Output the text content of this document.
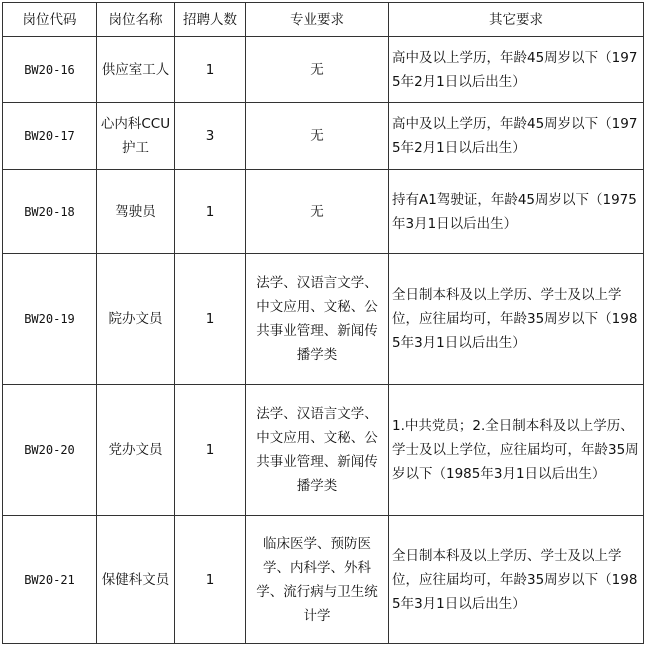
岗位代码	岗位名称	招聘人数	专业要求	其它要求
BW20-16	供应室工人	1	无	高中及以上学历，年龄45周岁以下（1975年2月1日以后出生）
BW20-17	心内科CCU护工	3	无	高中及以上学历，年龄45周岁以下（1975年2月1日以后出生）
BW20-18	驾驶员	1	无	持有A1驾驶证，年龄45周岁以下（1975年3月1日以后出生）
BW20-19	院办文员	1	法学、汉语言文学、中文应用、文秘、公共事业管理、新闻传播学类	全日制本科及以上学历、学士及以上学位，应往届均可，年龄35周岁以下（1985年3月1日以后出生）
BW20-20	党办文员	1	法学、汉语言文学、中文应用、文秘、公共事业管理、新闻传播学类	1.中共党员；2.全日制本科及以上学历、学士及以上学位，应往届均可，年龄35周岁以下（1985年3月1日以后出生）
BW20-21	保健科文员	1	临床医学、预防医学、内科学、外科学、流行病与卫生统计学	全日制本科及以上学历、学士及以上学位，应往届均可，年龄35周岁以下（1985年3月1日以后出生）
